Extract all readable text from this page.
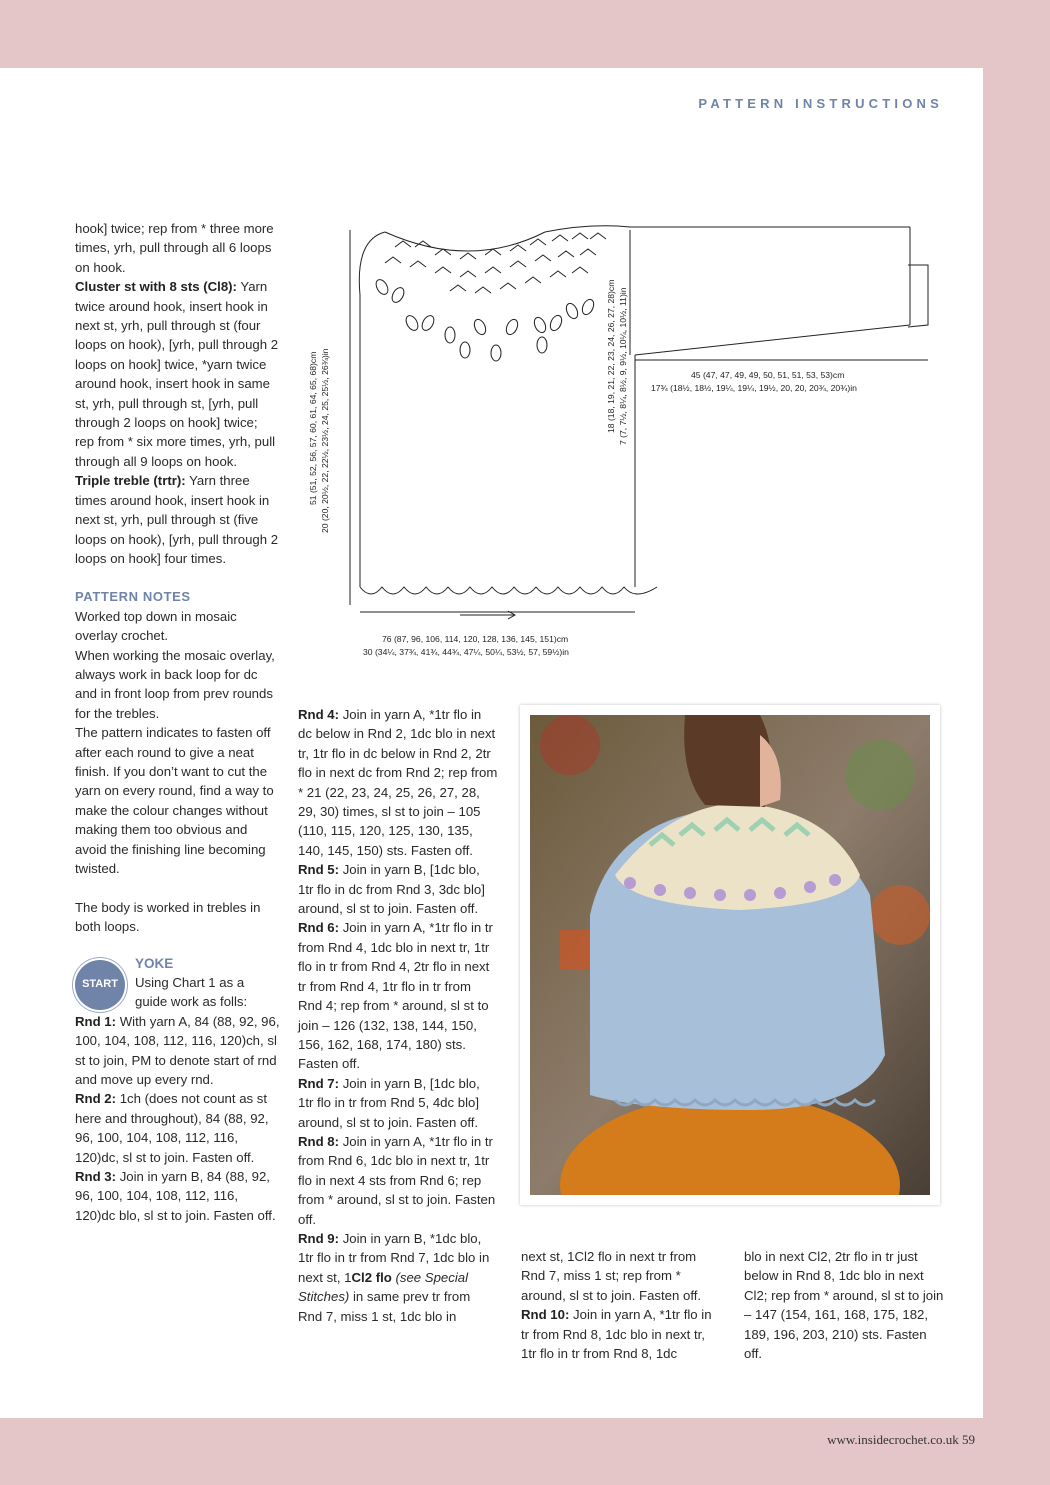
PATTERN INSTRUCTIONS

hook] twice; rep from * three more times, yrh, pull through all 6 loops on hook.

Cluster st with 8 sts (Cl8): Yarn twice around hook, insert hook in next st, yrh, pull through st (four loops on hook), [yrh, pull through 2 loops on hook] twice, *yarn twice around hook, insert hook in same st, yrh, pull through st, [yrh, pull through 2 loops on hook] twice; rep from * six more times, yrh, pull through all 9 loops on hook.

Triple treble (trtr): Yarn three times around hook, insert hook in next st, yrh, pull through st (five loops on hook), [yrh, pull through 2 loops on hook] four times.

PATTERN NOTES

Worked top down in mosaic overlay crochet.

When working the mosaic overlay, always work in back loop for dc and in front loop from prev rounds for the trebles.

The pattern indicates to fasten off after each round to give a neat finish. If you don’t want to cut the yarn on every round, find a way to make the colour changes without making them too obvious and avoid the finishing line becoming twisted.

The body is worked in trebles in both loops.

START

YOKE

Using Chart 1 as a guide work as folls:

Rnd 1: With yarn A, 84 (88, 92, 96, 100, 104, 108, 112, 116, 120)ch, sl st to join, PM to denote start of rnd and move up every rnd.

Rnd 2: 1ch (does not count as st here and throughout), 84 (88, 92, 96, 100, 104, 108, 112, 116, 120)dc, sl st to join. Fasten off.

Rnd 3: Join in yarn B, 84 (88, 92, 96, 100, 104, 108, 112, 116, 120)dc blo, sl st to join. Fasten off.

Rnd 4: Join in yarn A, *1tr flo in dc below in Rnd 2, 1dc blo in next tr, 1tr flo in dc below in Rnd 2, 2tr flo in next dc from Rnd 2; rep from * 21 (22, 23, 24, 25, 26, 27, 28, 29, 30) times, sl st to join – 105 (110, 115, 120, 125, 130, 135, 140, 145, 150) sts. Fasten off.

Rnd 5: Join in yarn B, [1dc blo, 1tr flo in dc from Rnd 3, 3dc blo] around, sl st to join. Fasten off.

Rnd 6: Join in yarn A, *1tr flo in tr from Rnd 4, 1dc blo in next tr, 1tr flo in tr from Rnd 4, 2tr flo in next tr from Rnd 4, 1tr flo in tr from Rnd 4; rep from * around, sl st to join – 126 (132, 138, 144, 150, 156, 162, 168, 174, 180) sts. Fasten off.

Rnd 7: Join in yarn B, [1dc blo, 1tr flo in tr from Rnd 5, 4dc blo] around, sl st to join. Fasten off.

Rnd 8: Join in yarn A, *1tr flo in tr from Rnd 6, 1dc blo in next tr, 1tr flo in next 4 sts from Rnd 6; rep from * around, sl st to join. Fasten off.

Rnd 9: Join in yarn B, *1dc blo, 1tr flo in tr from Rnd 7, 1dc blo in next st, 1Cl2 flo (see Special Stitches) in same prev tr from Rnd 7, miss 1 st, 1dc blo in

next st, 1Cl2 flo in next tr from Rnd 7, miss 1 st; rep from * around, sl st to join. Fasten off.

Rnd 10: Join in yarn A, *1tr flo in tr from Rnd 8, 1dc blo in next tr, 1tr flo in tr from Rnd 8, 1dc

blo in next Cl2, 2tr flo in tr just below in Rnd 8, 1dc blo in next Cl2; rep from * around, sl st to join – 147 (154, 161, 168, 175, 182, 189, 196, 203, 210) sts. Fasten off.

51 (51, 52, 56, 57, 60, 61, 64, 65, 68)cm 20 (20, 20½, 22, 22½, 23½, 24, 25, 25½, 26¾)in	18 (18, 19, 21, 22, 23, 24, 26, 27, 28)cm 7 (7, 7½, 8¼, 8½, 9, 9½, 10¼, 10½, 11)in	45 (47, 47, 49, 49, 50, 51, 51, 53, 53)cm
17¾ (18½, 18½, 19¼, 19¼, 19½, 20, 20, 20¾, 20¾)in
76 (87, 96, 106, 114, 120, 128, 136, 145, 151)cm
30 (34¼, 37¾, 41¾, 44¾, 47¼, 50¼, 53½, 57, 59½)in
www.insidecrochet.co.uk 59
